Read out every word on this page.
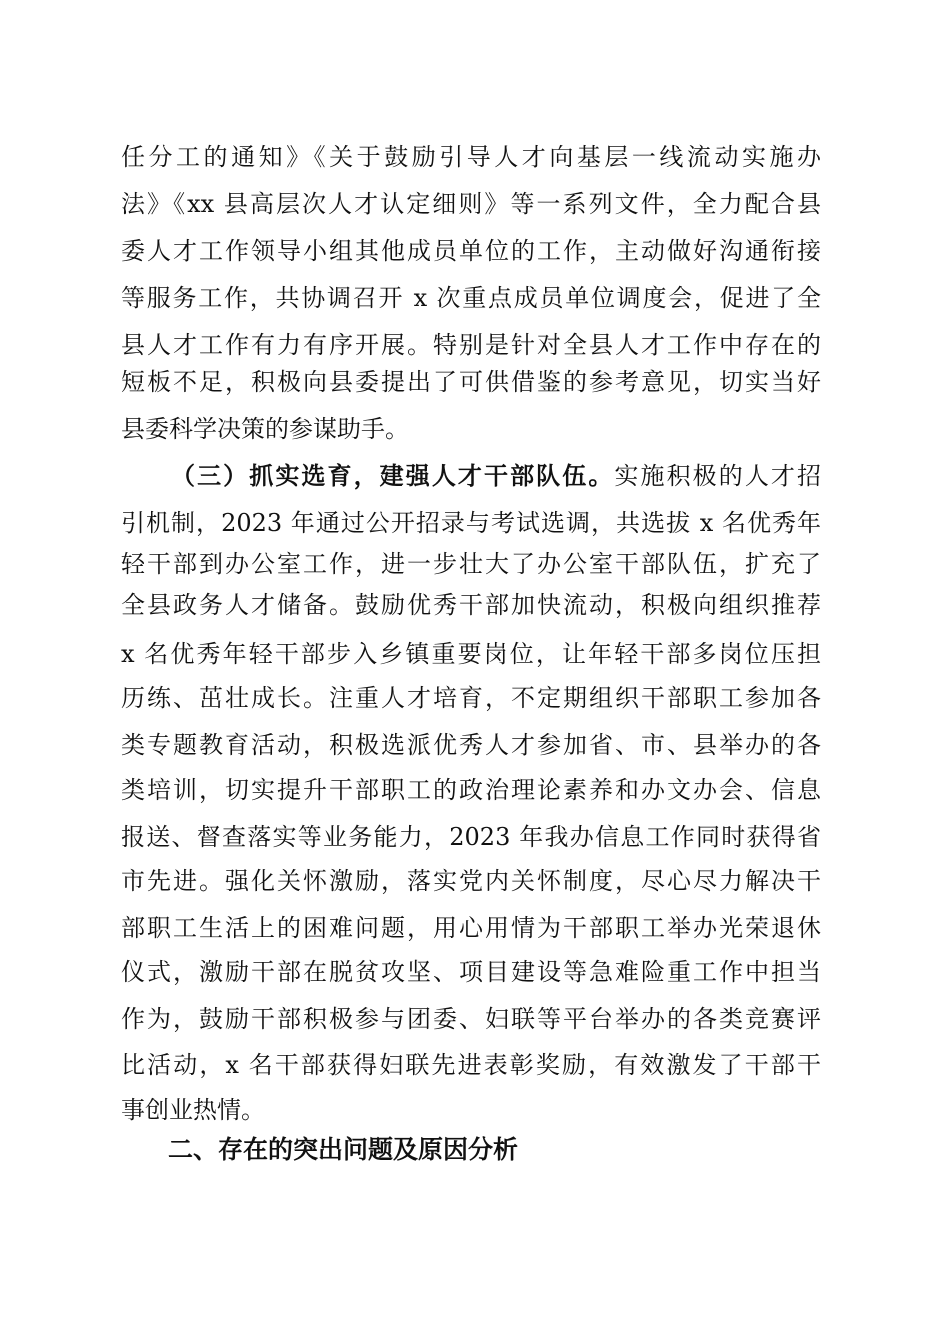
任分工的通知》《关于鼓励引导人才向基层一线流动实施办
法》《xx 县高层次人才认定细则》等一系列文件，全力配合县
委人才工作领导小组其他成员单位的工作，主动做好沟通衔接
等服务工作，共协调召开 x 次重点成员单位调度会，促进了全
县人才工作有力有序开展。特别是针对全县人才工作中存在的
短板不足，积极向县委提出了可供借鉴的参考意见，切实当好
县委科学决策的参谋助手。
（三）抓实选育，建强人才干部队伍。实施积极的人才招
引机制，2023 年通过公开招录与考试选调，共选拔 x 名优秀年
轻干部到办公室工作，进一步壮大了办公室干部队伍，扩充了
全县政务人才储备。鼓励优秀干部加快流动，积极向组织推荐
x 名优秀年轻干部步入乡镇重要岗位，让年轻干部多岗位压担
历练、茁壮成长。注重人才培育，不定期组织干部职工参加各
类专题教育活动，积极选派优秀人才参加省、市、县举办的各
类培训，切实提升干部职工的政治理论素养和办文办会、信息
报送、督查落实等业务能力，2023 年我办信息工作同时获得省
市先进。强化关怀激励，落实党内关怀制度，尽心尽力解决干
部职工生活上的困难问题，用心用情为干部职工举办光荣退休
仪式，激励干部在脱贫攻坚、项目建设等急难险重工作中担当
作为，鼓励干部积极参与团委、妇联等平台举办的各类竞赛评
比活动，x 名干部获得妇联先进表彰奖励，有效激发了干部干
事创业热情。
二、存在的突出问题及原因分析
